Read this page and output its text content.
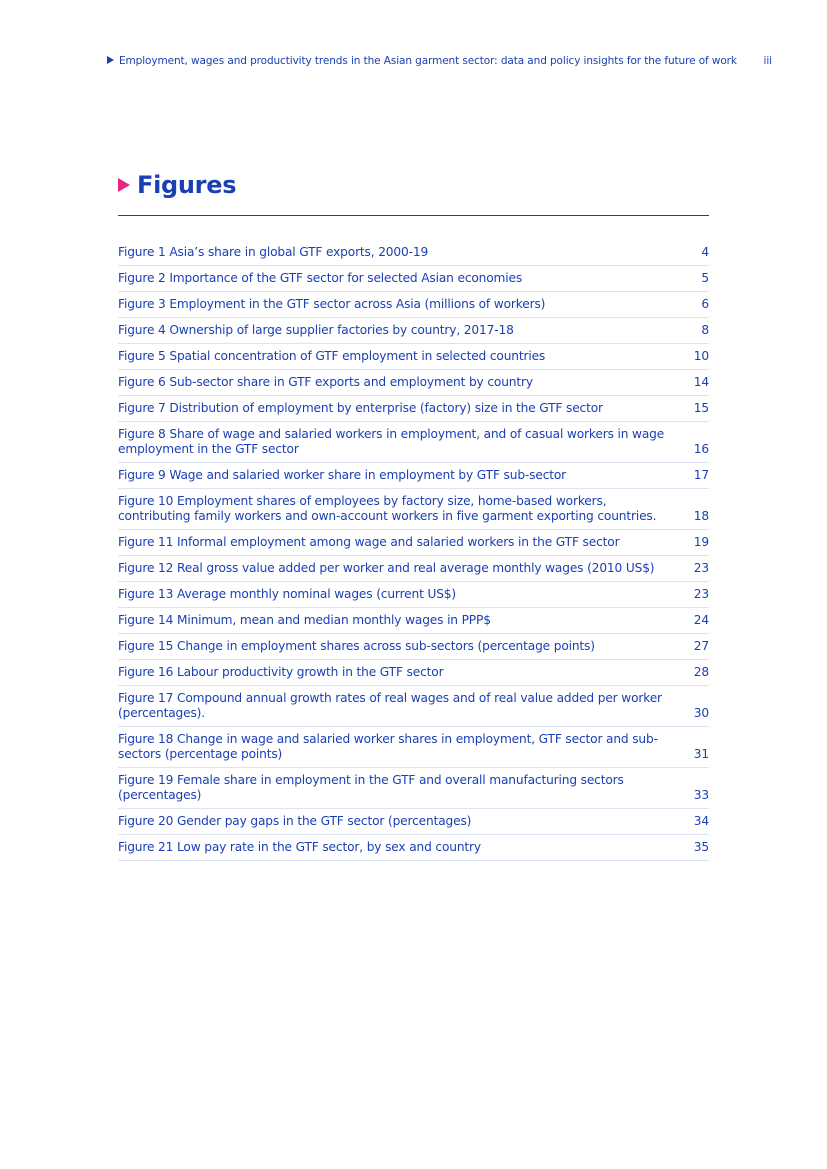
Employment, wages and productivity trends in the Asian garment sector: data and policy insights for the future of work	iii
Figures
Figure 1 Asia’s share in global GTF exports, 2000-19	4
Figure 2 Importance of the GTF sector for selected Asian economies	5
Figure 3 Employment in the GTF sector across Asia (millions of workers)	6
Figure 4 Ownership of large supplier factories by country, 2017-18	8
Figure 5 Spatial concentration of GTF employment in selected countries	10
Figure 6 Sub-sector share in GTF exports and employment by country	14
Figure 7 Distribution of employment by enterprise (factory) size in the GTF sector	15
Figure 8 Share of wage and salaried workers in employment, and of casual workers in wage employment in the GTF sector	16
Figure 9 Wage and salaried worker share in employment by GTF sub-sector	17
Figure 10 Employment shares of employees by factory size, home-based workers, contributing family workers and own-account workers in five garment exporting countries.	18
Figure 11 Informal employment among wage and salaried workers in the GTF sector	19
Figure 12 Real gross value added per worker and real average monthly wages (2010 US$)	23
Figure 13 Average monthly nominal wages (current US$)	23
Figure 14 Minimum, mean and median monthly wages in PPP$	24
Figure 15 Change in employment shares across sub-sectors (percentage points)	27
Figure 16 Labour productivity growth in the GTF sector	28
Figure 17 Compound annual growth rates of real wages and of real value added per worker (percentages).	30
Figure 18 Change in wage and salaried worker shares in employment, GTF sector and sub-sectors (percentage points)	31
Figure 19 Female share in employment in the GTF and overall manufacturing sectors (percentages)	33
Figure 20 Gender pay gaps in the GTF sector (percentages)	34
Figure 21 Low pay rate in the GTF sector, by sex and country	35
